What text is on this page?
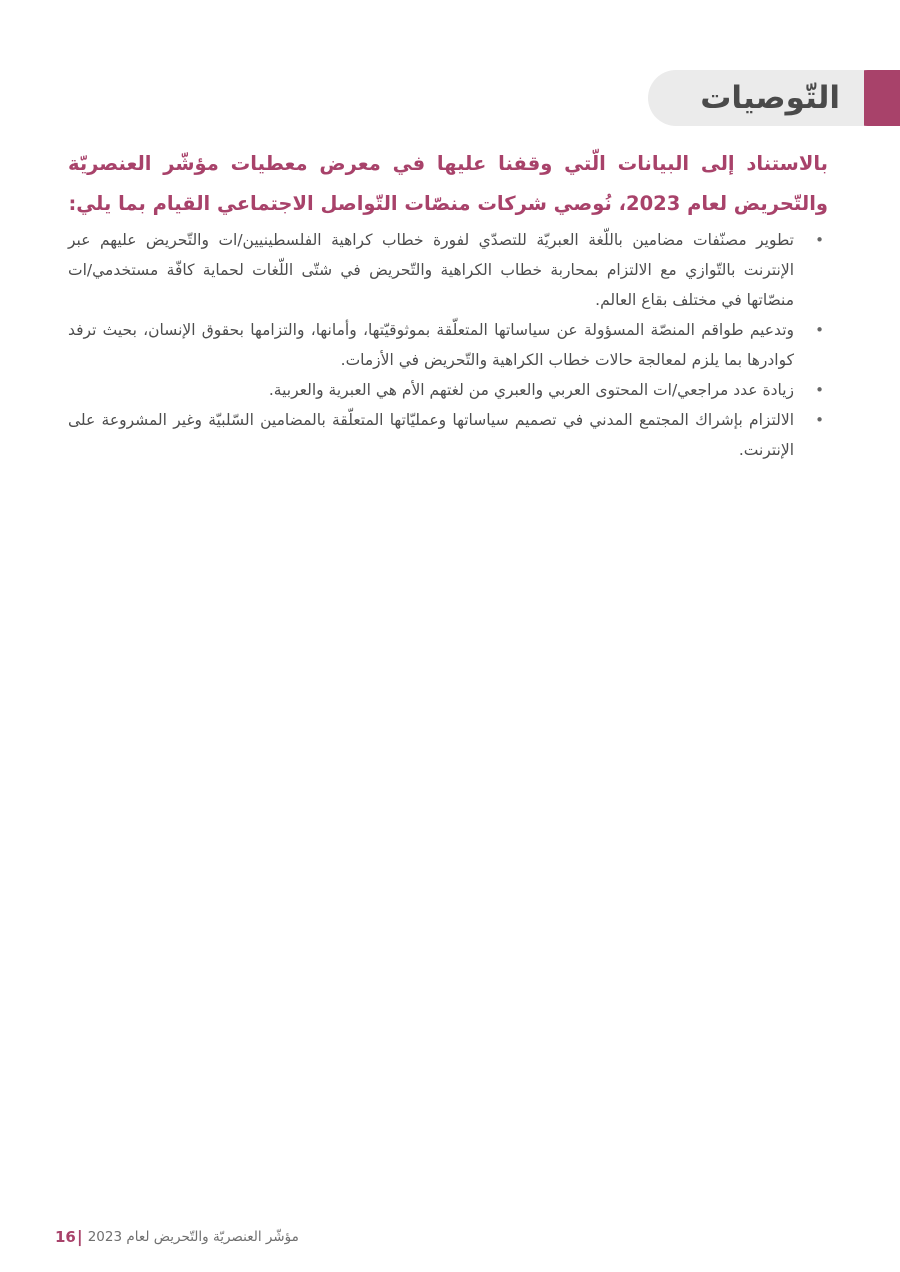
التّوصيات
بالاستناد إلى البيانات الّتي وقفنا عليها في معرض معطيات مؤشّر العنصريّة والتّحريض لعام 2023، نُوصي شركات منصّات التّواصل الاجتماعي القيام بما يلي:
•
تطوير مصنّفات مضامين باللّغة العبريّة للتصدّي لفورة خطاب كراهية الفلسطينيين/ات والتّحريض عليهم عبر الإنترنت بالتّوازي مع الالتزام بمحاربة خطاب الكراهية والتّحريض في شتّى اللّغات لحماية كافّة مستخدمي/ات منصّاتها في مختلف بقاع العالم.
•
وتدعيم طواقم المنصّة المسؤولة عن سياساتها المتعلّقة بموثوقيّتها، وأمانها، والتزامها بحقوق الإنسان، بحيث ترفد كوادرها بما يلزم لمعالجة حالات خطاب الكراهية والتّحريض في الأزمات.
•
زيادة عدد مراجعي/ات المحتوى العربي والعبري من لغتهم الأم هي العبرية والعربية.
•
الالتزام بإشراك المجتمع المدني في تصميم سياساتها وعمليّاتها المتعلّقة بالمضامين السّلبيّة وغير المشروعة على الإنترنت.
16 | مؤشّر العنصريّة والتّحريض لعام 2023
